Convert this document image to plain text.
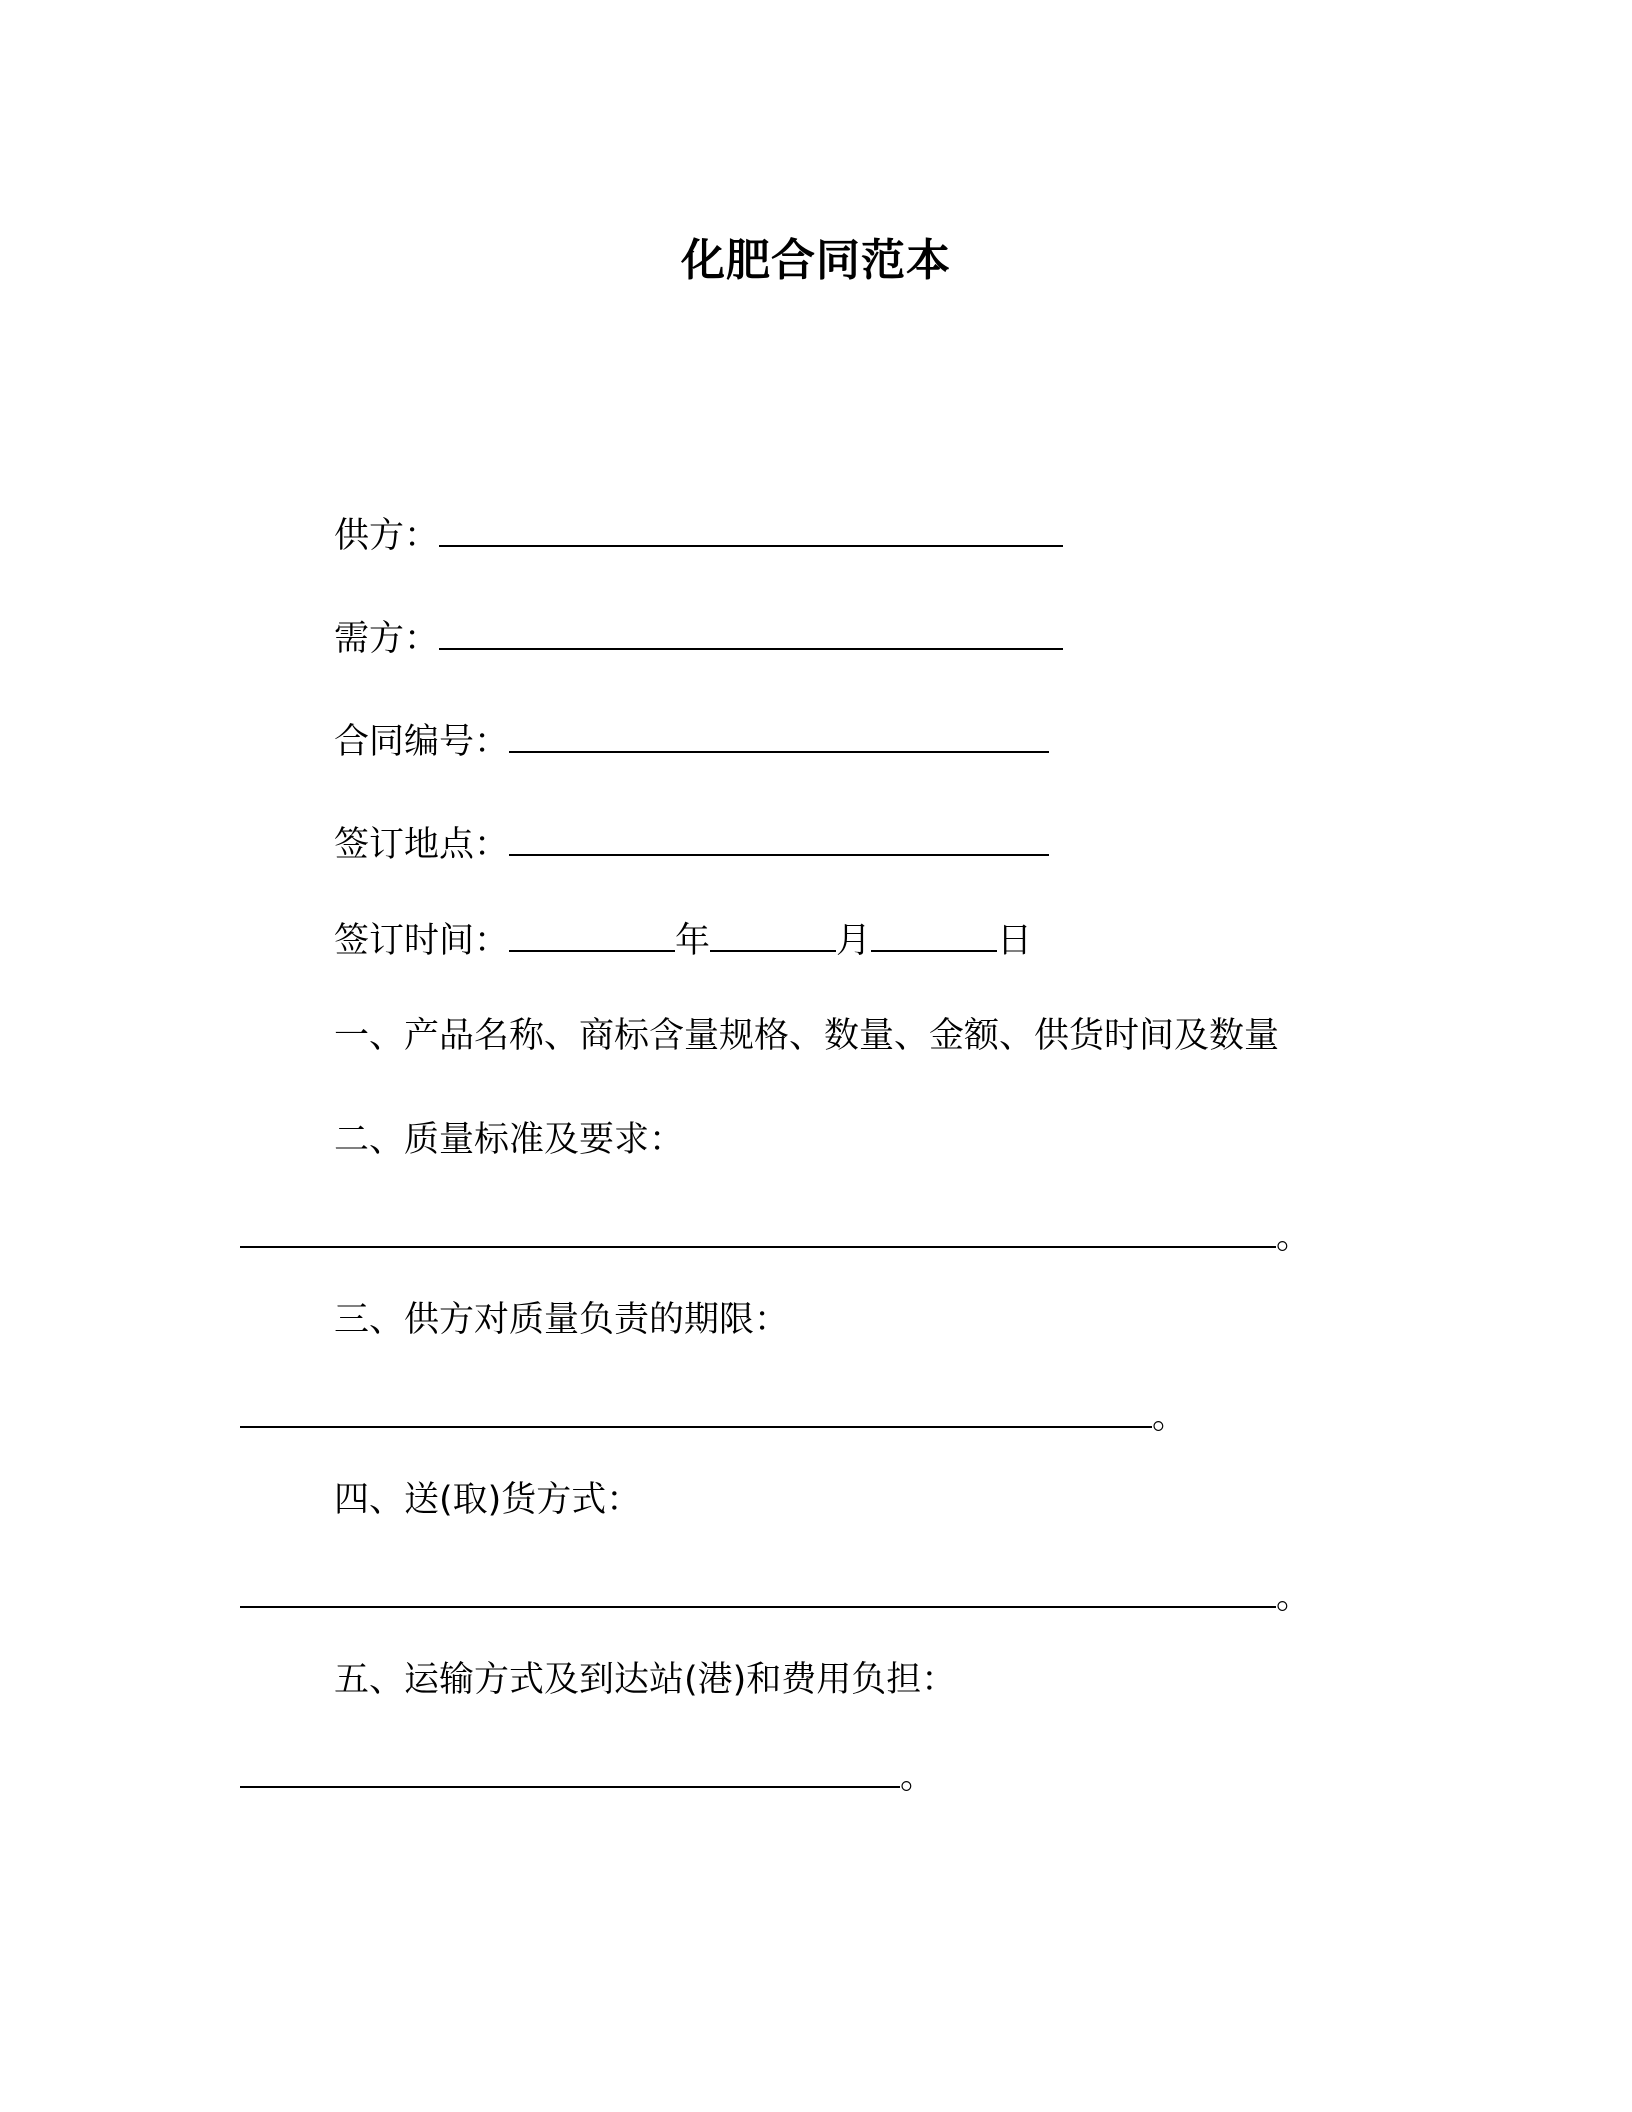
化肥合同范本
供方：
需方：
合同编号：
签订地点：
签订时间：	年	月	日
一、产品名称、商标含量规格、数量、金额、供货时间及数量
二、质量标准及要求：
。
三、供方对质量负责的期限：
。
四、送(取)货方式：
。
五、运输方式及到达站(港)和费用负担：
。
